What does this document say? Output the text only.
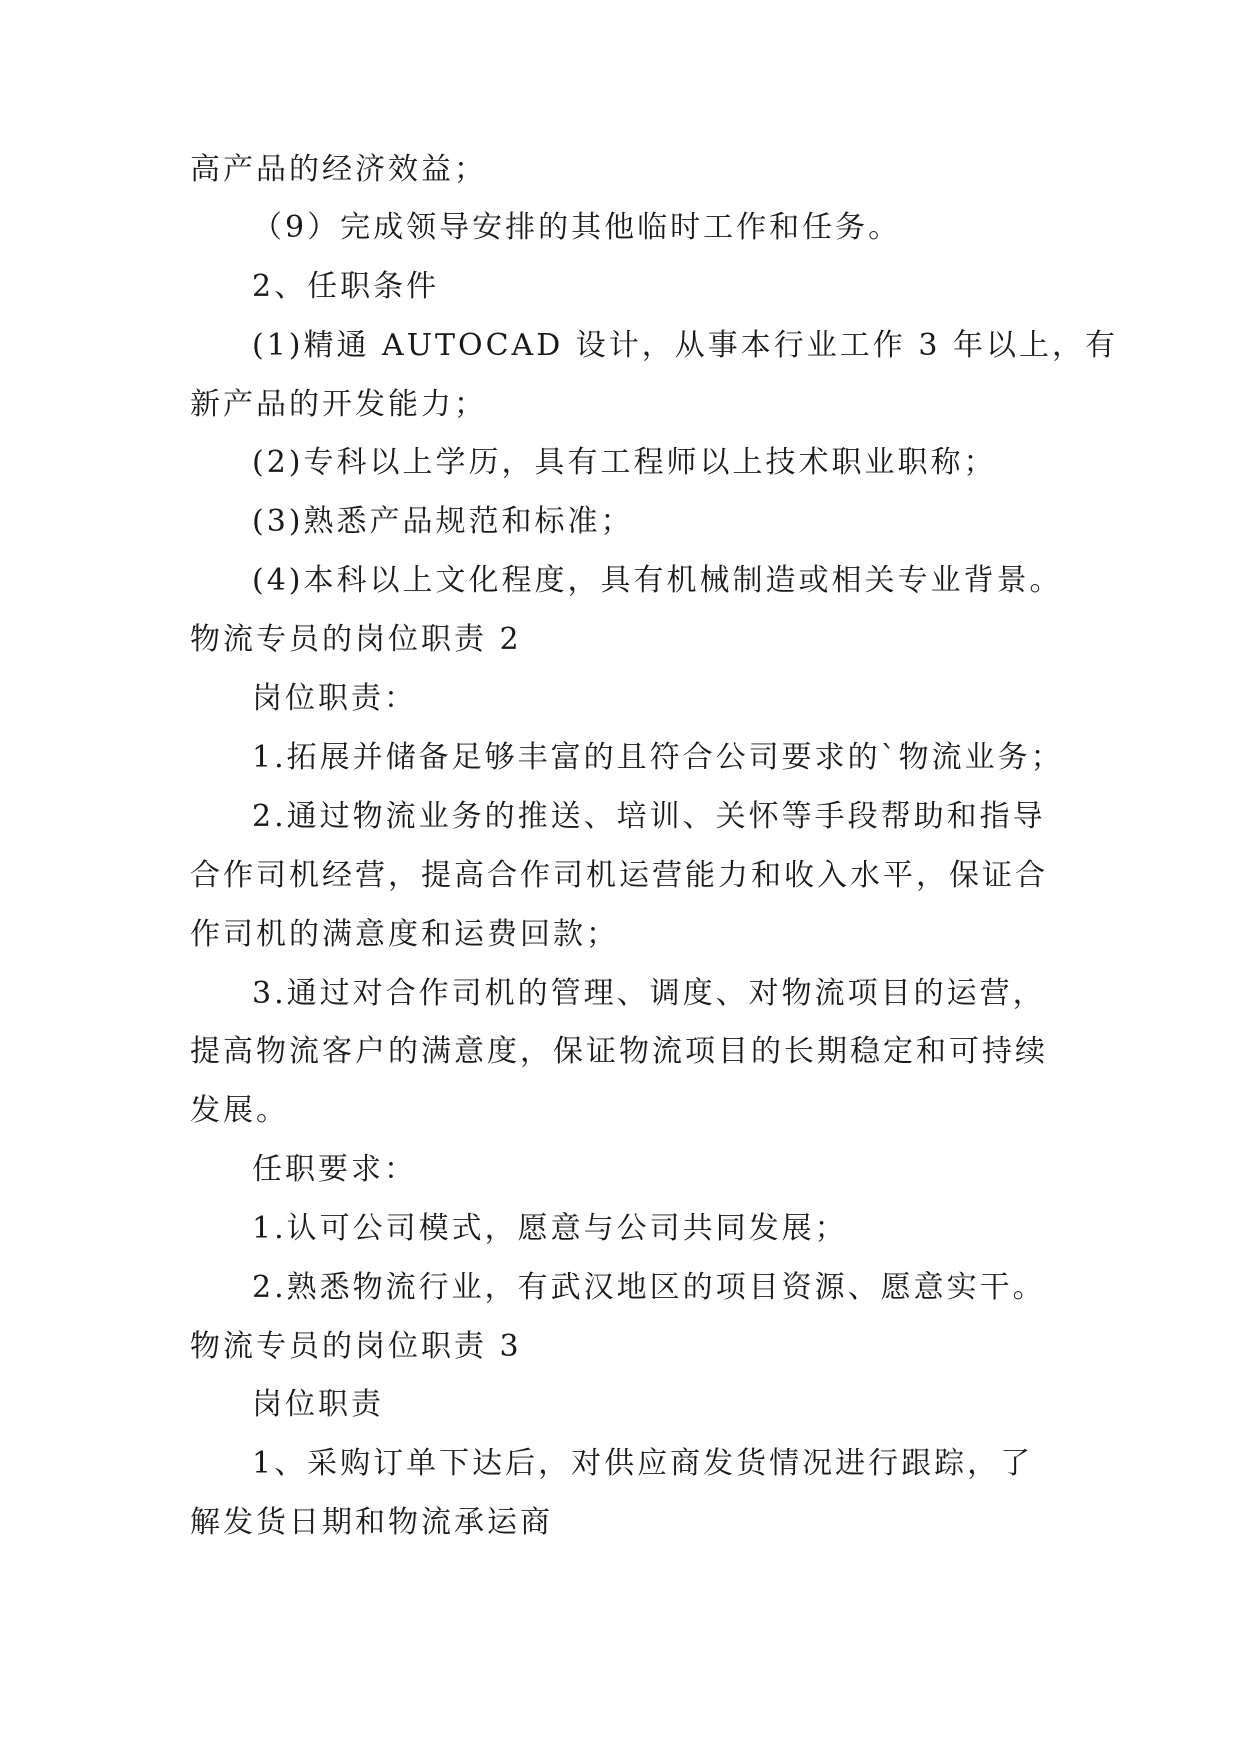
高产品的经济效益；
（9）完成领导安排的其他临时工作和任务。
2、任职条件
(1)精通 AUTOCAD 设计，从事本行业工作 3 年以上，有
新产品的开发能力；
(2)专科以上学历，具有工程师以上技术职业职称；
(3)熟悉产品规范和标准；
(4)本科以上文化程度，具有机械制造或相关专业背景。
物流专员的岗位职责 2
岗位职责：
1.拓展并储备足够丰富的且符合公司要求的`物流业务；
2.通过物流业务的推送、培训、关怀等手段帮助和指导
合作司机经营，提高合作司机运营能力和收入水平，保证合
作司机的满意度和运费回款；
3.通过对合作司机的管理、调度、对物流项目的运营，
提高物流客户的满意度，保证物流项目的长期稳定和可持续
发展。
任职要求：
1.认可公司模式，愿意与公司共同发展；
2.熟悉物流行业，有武汉地区的项目资源、愿意实干。
物流专员的岗位职责 3
岗位职责
1、采购订单下达后，对供应商发货情况进行跟踪，了
解发货日期和物流承运商
